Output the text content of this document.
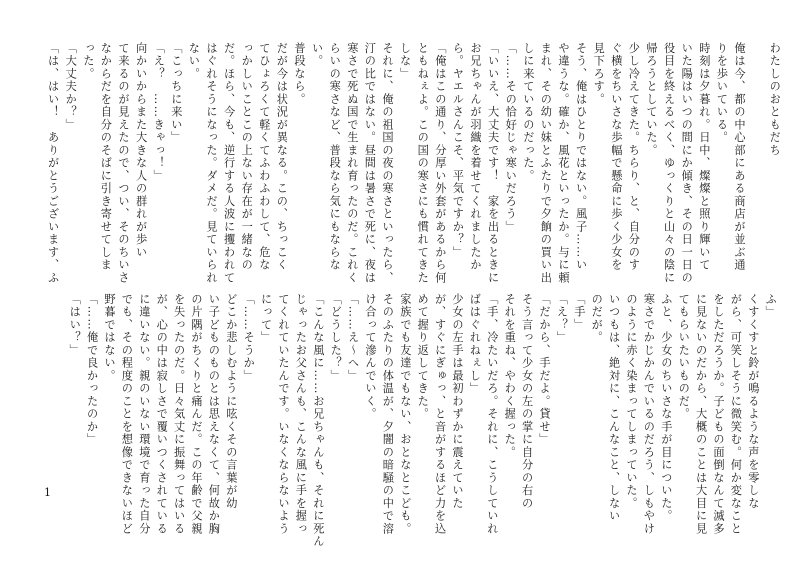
わたしのおともだち
俺は今、都の中心部にある商店が並ぶ通
りを歩いている。
時刻は夕暮れ。日中、燦燦と照り輝いて
いた陽はいつの間にか傾き、その日一日の
役目を終えるべく、ゆっくりと山々の陰に
帰ろうとしていた。
少し冷えてきた。ちらり、と、自分のす
ぐ横をちいさな歩幅で懸命に歩く少女を
見下ろす。
そう、俺はひとりではない。風子……い
や違うな。確か、風花といったか。与に頼
まれ、その幼い妹とふたりで夕餉の買い出
しに来ているのだった。
「……その恰好じゃ寒いだろう」
「いいえ、大丈夫です！　家を出るときに
お兄ちゃんが羽織を着せてくれましたか
ら。ヤエルさんこそ、平気ですか？」
「俺はこの通り、分厚い外套があるから何
ともねぇよ。この国の寒さにも慣れてきた
しな」
それに、俺の祖国の夜の寒さといったら、
汀の比ではない。昼間は暑さで死に、夜は
寒さで死ぬ国で生まれ育ったのだ。これく
らいの寒さなど、普段なら気にもならな
い。
普段なら。
だが今は状況が異なる。この、ちっこく
てひょろくて軽くてふわふわして、危な
っかしいことこの上ない存在が一緒なの
だ。ほら、今も、逆行する人波に攫われて
はぐれそうになった。ダメだ。見ていられ
ない。
「こっちに来い」
「え？　……きゃっ！」
向かいからまた大きな人の群れが歩い
て来るのが見えたので、つい、そのちいさ
なからだを自分のそばに引き寄せてしま
った。
「大丈夫か？」
「は、はい！　ありがとうございます、ふ
ふ」
くすくすと鈴が鳴るような声を零しな
がら、可笑しそうに微笑む。何か変なこと
をしただろうか。子どもの面倒なんて滅多
に見ないのだから、大概のことは大目に見
てもらいたいものだ。
ふと、少女のちいさな手が目についた。
寒さでかじかんでいるのだろう、しもやけ
のように赤く染まってしまっていた。
いつもは、絶対に、こんなこと、しない
のだが。
「手」
「え？」
「だから、手だよ。貸せ」
そう言って少女の左の掌に自分の右の
それを重ね、やわく握った。
「手、冷たいだろ。それに、こうしていれ
ばはぐれねぇし」
少女の左手は最初わずかに震えていた
が、すぐにぎゅっ、と音がするほど力を込
めて握り返してきた。
家族でも友達でもない、おとなとこども。
そのふたりの体温が、夕闇の暗騒の中で溶
け合って滲んでいく。
「……え～へ」
「どうした？」
「こんな風に……お兄ちゃんも、それに死ん
じゃったお父さんも、こんな風に手を握っ
てくれていたんです。いなくならないよう
にって」
「……そうか」
どこか悲しむように呟くその言葉が幼
い子どものものとは思えなくて、何故か胸
の片隅がちくりと痛んだ。この年齢で父親
を失ったのだ。日々気丈に振舞ってはいる
が、心の中は寂しさで覆いつくされている
に違いない。親のいない環境で育った自分
でも、その程度のことを想像できないほど
野暮ではない。
「……俺で良かったのか」
「はい？」
1
